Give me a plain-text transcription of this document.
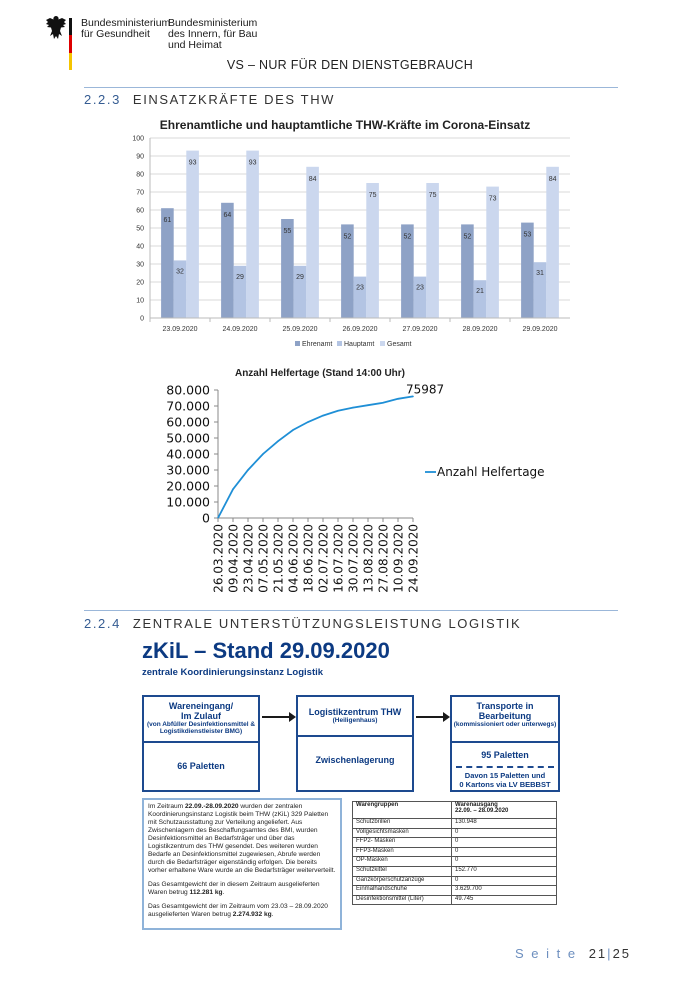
Bundesministerium
für Gesundheit
Bundesministerium
des Innern, für Bau
und Heimat
VS – NUR FÜR DEN DIENSTGEBRAUCH
2.2.3 EINSATZKRÄFTE DES THW
Ehrenamtliche und hauptamtliche THW-Kräfte im Corona-Einsatz
0
10
20
30
40
50
60
70
80
90
100
61
32
93
23.09.2020
64
29
93
24.09.2020
55
29
84
25.09.2020
52
23
75
26.09.2020
52
23
75
27.09.2020
52
21
73
28.09.2020
53
31
84
29.09.2020
Ehrenamt Hauptamt Gesamt
Anzahl Helfertage (Stand 14:00 Uhr)
0
10.000
20.000
30.000
40.000
50.000
60.000
70.000
80.000
26.03.2020 09.04.2020 23.04.2020 07.05.2020 21.05.2020 04.06.2020 18.06.2020 02.07.2020 16.07.2020 30.07.2020 13.08.2020 27.08.2020 10.09.2020 24.09.2020
75987
Anzahl Helfertage
2.2.4 ZENTRALE UNTERSTÜTZUNGSLEISTUNG LOGISTIK
zKiL – Stand 29.09.2020
zentrale Koordinierungsinstanz Logistik
Wareneingang/
Im Zulauf
(von Abfüller Desinfektionsmittel & Logistikdienstleister BMG)
66 Paletten
Logistikzentrum THW
(Heiligenhaus)
Zwischenlagerung
Transporte in
Bearbeitung
(kommissioniert oder unterwegs)
95 Paletten
Davon 15 Paletten und
0 Kartons via LV BEBBST

Im Zeitraum 22.09.-28.09.2020 wurden der zentralen Koordinierungsinstanz Logistik beim THW (zKiL) 329 Paletten mit Schutzausstattung zur Verteilung angeliefert. Aus Zwischenlagern des Beschaffungsamtes des BMI, wurden Desinfektionsmittel an Bedarfsträger und über das Logistikzentrum des THW gesendet. Des weiteren wurden Bedarfe an Desinfektionsmittel zugewiesen, Abrufe werden durch die Bedarfsträger eigenständig erfolgen. Die bereits vorher erhaltene Ware wurde an die Bedarfsträger weiterverteilt.

Das Gesamtgewicht der in diesem Zeitraum ausgelieferten Waren betrug 112.281 kg.

Das Gesamtgewicht der im Zeitraum vom 23.03 – 28.09.2020 ausgelieferten Waren betrug 2.274.932 kg.

Warengruppen	Warenausgang
22.09. – 28.09.2020

Schutzbrillen	130.948
Vollgesichtsmasken	0
FFP2- Masken	0
FFP3-Masken	0
OP-Masken	0
Schutzkittel	152.770
Ganzkörperschutzanzüge	0
Einmalhandschuhe	3.629.700
Desinfektionsmittel (Liter)	49.745
S e i t e 21|25
